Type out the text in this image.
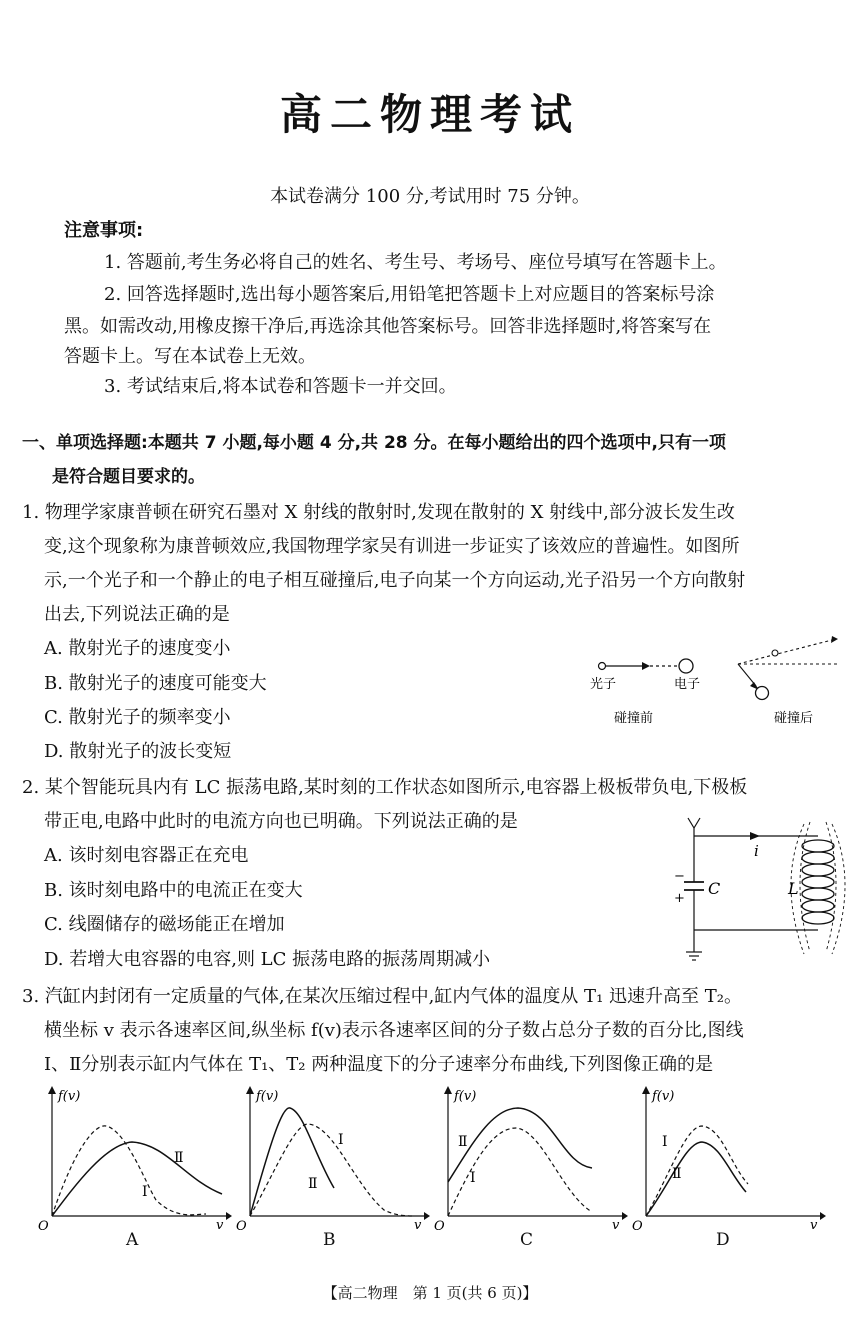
高二物理考试
本试卷满分 100 分,考试用时 75 分钟。
注意事项:
1. 答题前,考生务必将自己的姓名、考生号、考场号、座位号填写在答题卡上。
2. 回答选择题时,选出每小题答案后,用铅笔把答题卡上对应题目的答案标号涂
黑。如需改动,用橡皮擦干净后,再选涂其他答案标号。回答非选择题时,将答案写在
答题卡上。写在本试卷上无效。
3. 考试结束后,将本试卷和答题卡一并交回。
一、单项选择题:本题共 7 小题,每小题 4 分,共 28 分。在每小题给出的四个选项中,只有一项
是符合题目要求的。
1. 物理学家康普顿在研究石墨对 X 射线的散射时,发现在散射的 X 射线中,部分波长发生改
变,这个现象称为康普顿效应,我国物理学家吴有训进一步证实了该效应的普遍性。如图所
示,一个光子和一个静止的电子相互碰撞后,电子向某一个方向运动,光子沿另一个方向散射
出去,下列说法正确的是
A. 散射光子的速度变小
B. 散射光子的速度可能变大
C. 散射光子的频率变小
D. 散射光子的波长变短
光子	电子
碰撞前	碰撞后
2. 某个智能玩具内有 LC 振荡电路,某时刻的工作状态如图所示,电容器上极板带负电,下极板
带正电,电路中此时的电流方向也已明确。下列说法正确的是
A. 该时刻电容器正在充电
B. 该时刻电路中的电流正在变大
C. 线圈储存的磁场能正在增加
D. 若增大电容器的电容,则 LC 振荡电路的振荡周期减小
i
−
+
C	L
3. 汽缸内封闭有一定质量的气体,在某次压缩过程中,缸内气体的温度从 T₁ 迅速升高至 T₂。
横坐标 v 表示各速率区间,纵坐标 f(v)表示各速率区间的分子数占总分子数的百分比,图线
Ⅰ、Ⅱ分别表示缸内气体在 T₁、T₂ 两种温度下的分子速率分布曲线,下列图像正确的是
f(v)
v
O
Ⅰ
Ⅱ
A
f(v)
v
O
Ⅰ
Ⅱ
B
f(v)
v
O
Ⅰ
Ⅱ
C
f(v)
v
O
Ⅰ
Ⅱ
D
【高二物理　第 1 页(共 6 页)】
